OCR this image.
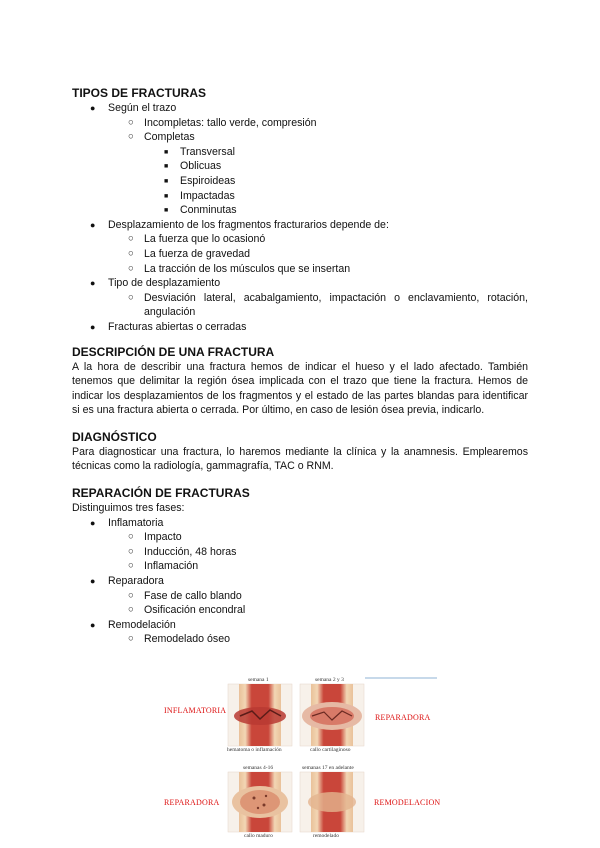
TIPOS DE FRACTURAS
● Según el trazo
○ Incompletas: tallo verde, compresión
○ Completas
■ Transversal
■ Oblicuas
■ Espiroideas
■ Impactadas
■ Conminutas
● Desplazamiento de los fragmentos fracturarios depende de:
○ La fuerza que lo ocasionó
○ La fuerza de gravedad
○ La tracción de los músculos que se insertan
● Tipo de desplazamiento
○ Desviación lateral, acabalgamiento, impactación o enclavamiento, rotación, angulación
● Fracturas abiertas o cerradas
DESCRIPCIÓN DE UNA FRACTURA

A la hora de describir una fractura hemos de indicar el hueso y el lado afectado. También tenemos que delimitar la región ósea implicada con el trazo que tiene la fractura. Hemos de indicar los desplazamientos de los fragmentos y el estado de las partes blandas para identificar si es una fractura abierta o cerrada. Por último, en caso de lesión ósea previa, indicarlo.

DIAGNÓSTICO

Para diagnosticar una fractura, lo haremos mediante la clínica y la anamnesis. Emplearemos técnicas como la radiología, gammagrafía, TAC o RNM.

REPARACIÓN DE FRACTURAS

Distinguimos tres fases:

● Inflamatoria
○ Impacto
○ Inducción, 48 horas
○ Inflamación
● Reparadora
○ Fase de callo blando
○ Osificación encondral
● Remodelación
○ Remodelado óseo
INFLAMATORIA
REPARADORA
REPARADORA	REMODELACION
semana 1
hematoma o inflamación
semana 2 y 3
callo cartilaginoso
semanas 4-16
callo maduro
semanas 17 en adelante
remodelado
